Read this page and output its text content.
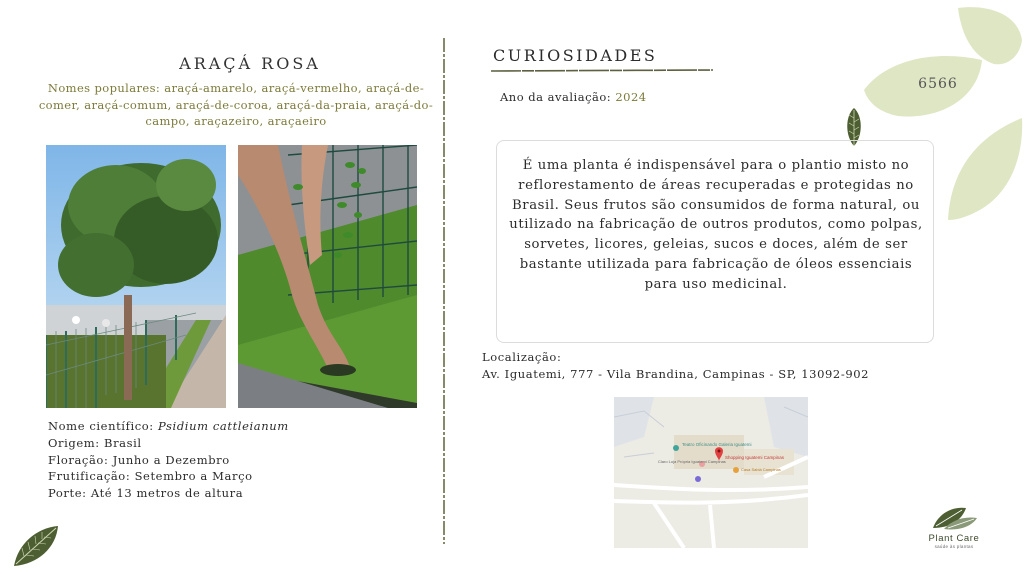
6566
ARAÇÁ ROSA
Nomes populares: araçá-amarelo, araçá-vermelho, araçá-de-comer, araçá-comum, araçá-de-coroa, araçá-da-praia, araçá-do-campo, araçazeiro, araçaeiro
Nome científico: Psidium cattleianum
Origem: Brasil
Floração: Junho a Dezembro
Frutificação: Setembro a Março
Porte: Até 13 metros de altura
CURIOSIDADES
Ano da avaliação: 2024
É uma planta é indispensável para o plantio misto no reflorestamento de áreas recuperadas e protegidas no Brasil. Seus frutos são consumidos de forma natural, ou utilizado na fabricação de outros produtos, como polpas, sorvetes, licores, geleias, sucos e doces, além de ser bastante utilizada para fabricação de óleos essenciais para uso medicinal.
Localização:
Av. Iguatemi, 777 - Vila Brandina, Campinas - SP, 13092-902
Teatro Oficinando Galeria Iguatemi
Shopping Iguatemi Campinas
Claro Loja Própria Iguatemi Campinas
Casa Sabiá Campinas
Plant Care
saúde às plantas
